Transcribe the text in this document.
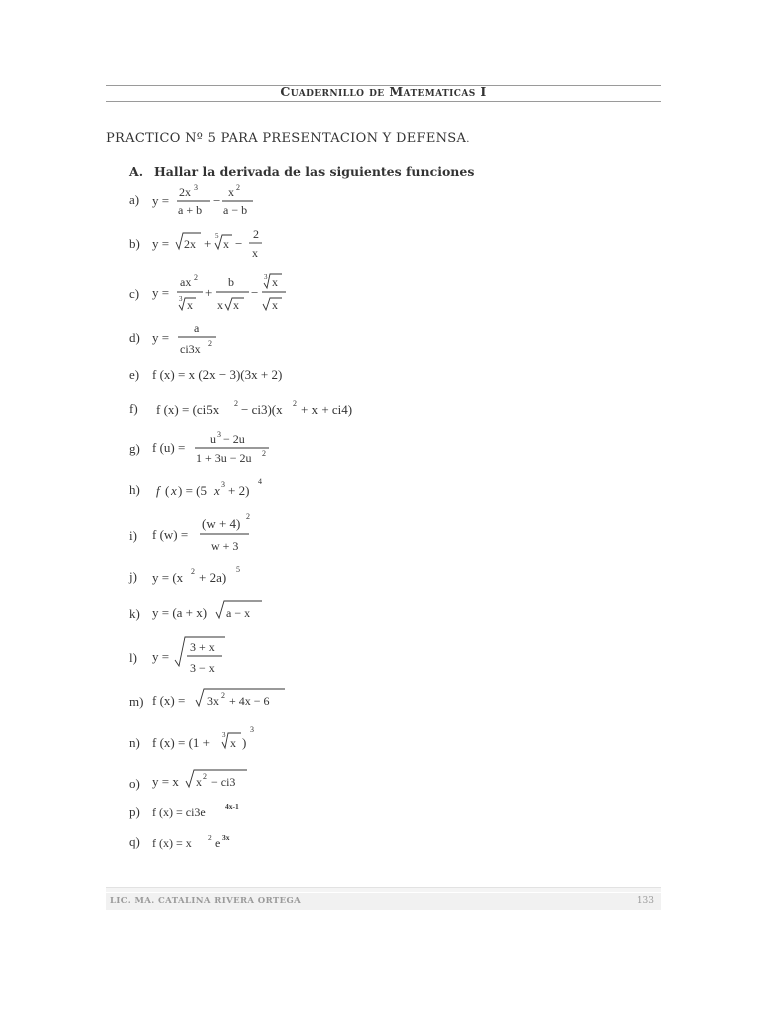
Cuadernillo de Matematicas I
PRACTICO Nº 5 PARA PRESENTACION Y DEFENSA.
A. Hallar la derivada de las siguientes funciones
a) y =
2x 3
a + b
−
x 2
a − b
b) y = 2x + 5
x −
2
x
c) y =
ax 2
3 x
+
b
x x
−
3 x
x
d) y =
a
ci3x 2
e) f (x) = x (2x − 3)(3x + 2)
f) f (x) = (ci5x 2 − ci3)(x 2 + x + ci4)
g) f (u) =
u 3 − 2u
1 + 3u − 2u 2
h) f ( x ) = (5 x 3 + 2)
4
i) f (w) =
(w + 4) 2
w + 3
j) y = (x 2 + 2a)
5
k) y = (a + x) a − x
l) y =
3 + x
3 − x
m) f (x) = 3x 2 + 4x − 6
n) f (x) = (1 + 3
x )
3
o) y = x x 2 − ci3
p) f (x) = ci3e	4x-1
q) f (x) = x 2 e 3x
LIC. MA. CATALINA RIVERA ORTEGA	133
